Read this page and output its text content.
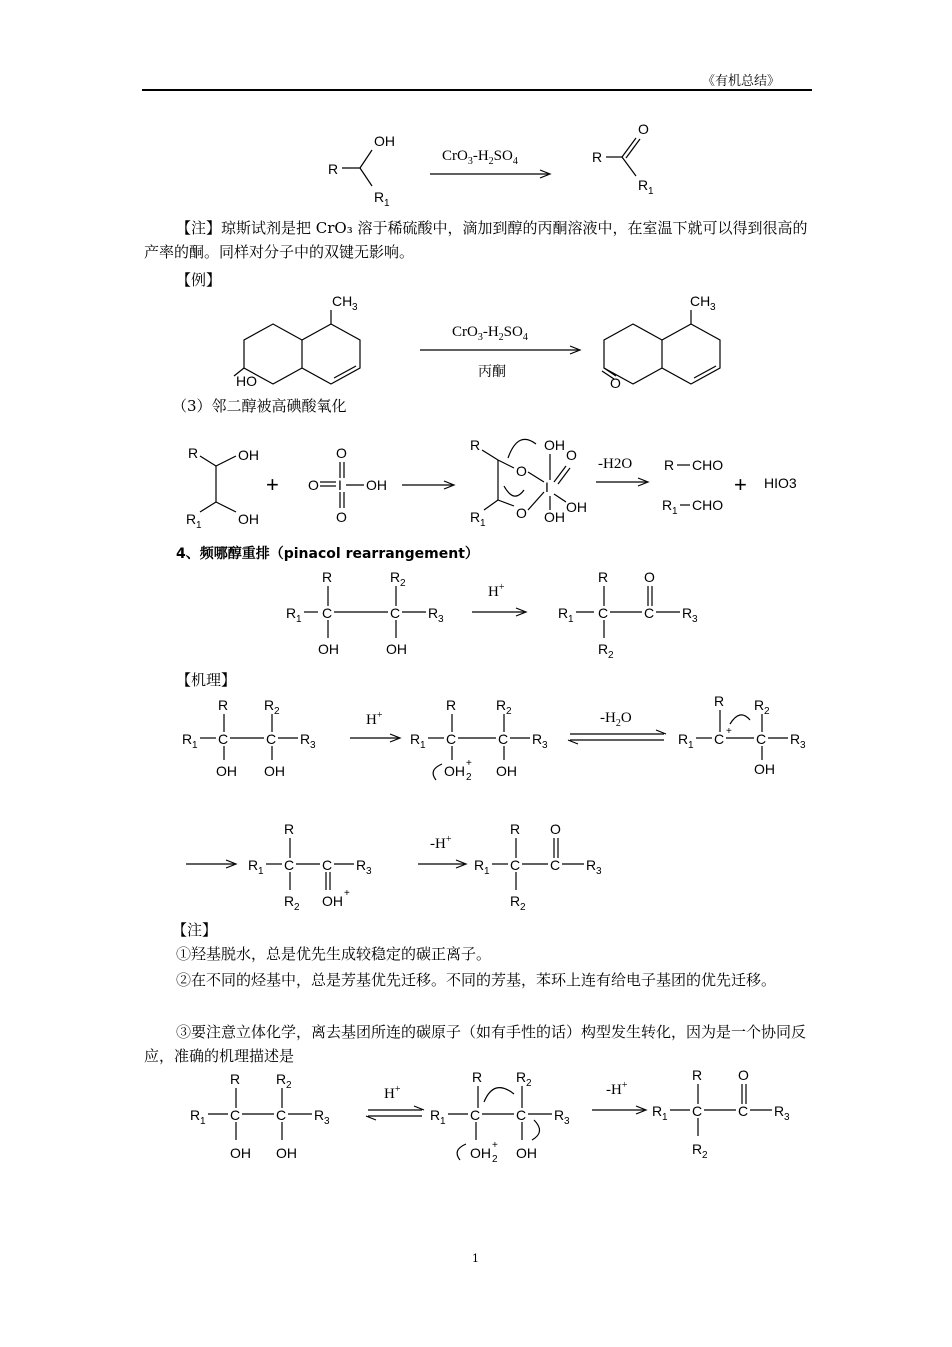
《有机总结》
R
OH
R 1
$CrO_3-H_2SO_4$	R
O
R 1
【注】琼斯试剂是把 CrO₃ 溶于稀硫酸中，滴加到醇的丙酮溶液中，在室温下就可以得到很高的产率的酮。同样对分子中的双键无影响。
【例】
CH 3
HO
$CrO_3-H_2SO_4$
丙酮
CH 3
O
（3）邻二醇被高碘酸氧化
R	OH
R 1	OH
+
O
O I OH
O
R
O
R 1
O
I
OH
O
OH
OH
-H2O R CHO
R 1 CHO
+ HIO3
4、频哪醇重排（pinacol rearrangement）
R
R 1 C	C
R 2
R 3
OH	OH
H+
R
R 1 C	C
O
R 3
R 2
【机理】
R
R 1 C	C
R 2
R 3
OH OH
H+
R
R 1 C	C
R 2
R 3
OH 2
+ OH
$-H_2O$
R
R 1 C + C
R 2
R 3
OH
R
R 1 C C R 3
R 2 OH +
-H+
R
R 1 C C
O
R 3
R 2
【注】
①羟基脱水，总是优先生成较稳定的碳正离子。
②在不同的烃基中，总是芳基优先迁移。不同的芳基，苯环上连有给电子基团的优先迁移。
③要注意立体化学，离去基团所连的碳原子（如有手性的话）构型发生转化，因为是一个协同反应，准确的机理描述是
R
R 1 C	C
R 2
R 3
OH OH
H+
R
R 1 C	C
R 2
R 3
OH 2
+ OH
-H+
R
R 1 C	C
O
R 3
R 2
1
